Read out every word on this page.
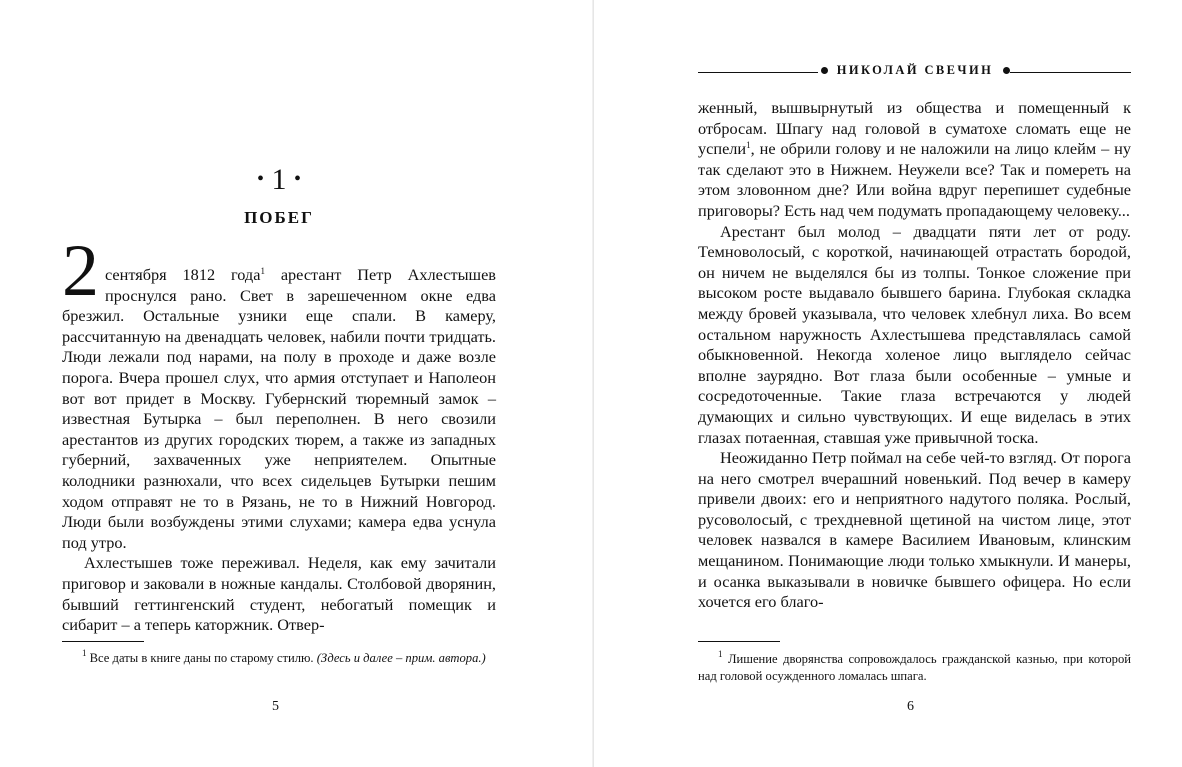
• 1 •
ПОБЕГ

2 сентября 1812 года$^1$ арестант Петр Ахлестышев проснулся рано. Свет в зарешеченном окне едва брезжил. Остальные узники еще спали. В камеру, рассчитанную на двенадцать человек, набили почти тридцать. Люди лежали под нарами, на полу в проходе и даже возле порога. Вчера прошел слух, что армия отступает и Наполеон вот вот придет в Москву. Губернский тюремный замок – известная Бутырка – был переполнен. В него свозили арестантов из других городских тюрем, а также из западных губерний, захваченных уже неприятелем. Опытные колодники разнюхали, что всех сидельцев Бутырки пешим ходом отправят не то в Рязань, не то в Нижний Новгород. Люди были возбуждены этими слухами; камера едва уснула под утро.

Ахлестышев тоже переживал. Неделя, как ему зачитали приговор и заковали в ножные кандалы. Столбовой дворянин, бывший геттингенский студент, небогатый помещик и сибарит – а теперь каторжник. Отвер-

$^1$ Все даты в книге даны по старому стилю. (Здесь и далее – прим. автора.)
5
НИКОЛАЙ СВЕЧИН

женный, вышвырнутый из общества и помещенный к отбросам. Шпагу над головой в суматохе сломать еще не успели$^1$, не обрили голову и не наложили на лицо клейм – ну так сделают это в Нижнем. Неужели все? Так и помереть на этом зловонном дне? Или война вдруг перепишет судебные приговоры? Есть над чем подумать пропадающему человеку...

Арестант был молод – двадцати пяти лет от роду. Темноволосый, с короткой, начинающей отрастать бородой, он ничем не выделялся бы из толпы. Тонкое сложение при высоком росте выдавало бывшего барина. Глубокая складка между бровей указывала, что человек хлебнул лиха. Во всем остальном наружность Ахлестышева представлялась самой обыкновенной. Некогда холеное лицо выглядело сейчас вполне заурядно. Вот глаза были особенные – умные и сосредоточенные. Такие глаза встречаются у людей думающих и сильно чувствующих. И еще виделась в этих глазах потаенная, ставшая уже привычной тоска.

Неожиданно Петр поймал на себе чей-то взгляд. От порога на него смотрел вчерашний новенький. Под вечер в камеру привели двоих: его и неприятного надутого поляка. Рослый, русоволосый, с трехдневной щетиной на чистом лице, этот человек назвался в камере Василием Ивановым, клинским мещанином. Понимающие люди только хмыкнули. И манеры, и осанка выказывали в новичке бывшего офицера. Но если хочется его благо-

$^1$ Лишение дворянства сопровождалось гражданской казнью, при которой над головой осужденного ломалась шпага.
6
